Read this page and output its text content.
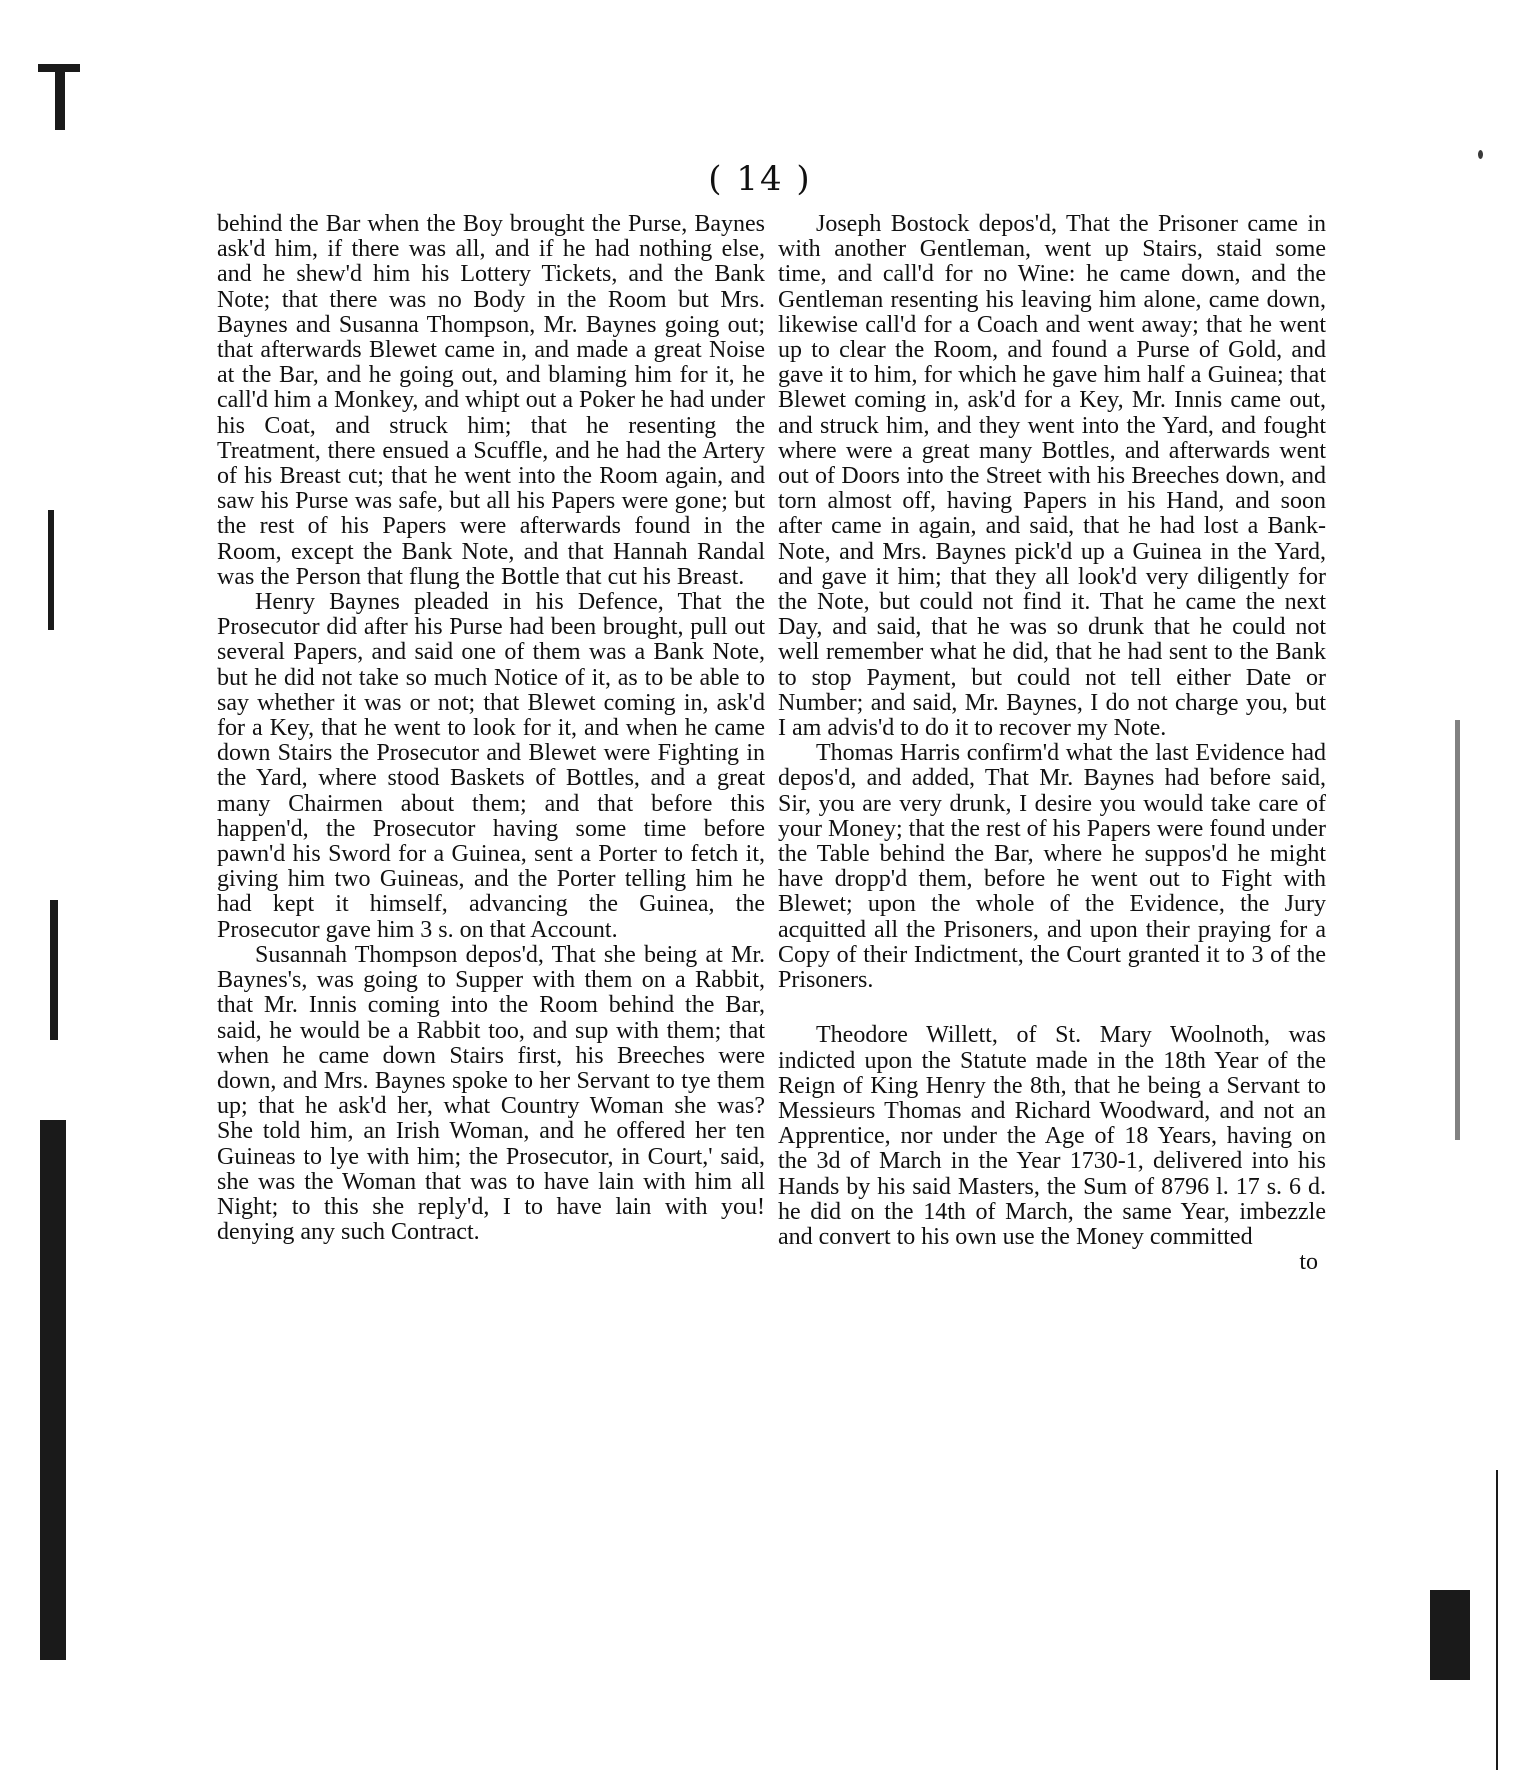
( 14 )

behind the Bar when the Boy brought the Purse, Baynes ask'd him, if there was all, and if he had nothing else, and he shew'd him his Lottery Tickets, and the Bank Note; that there was no Body in the Room but Mrs. Baynes and Susanna Thompson, Mr. Baynes going out; that afterwards Blewet came in, and made a great Noise at the Bar, and he going out, and blaming him for it, he call'd him a Monkey, and whipt out a Poker he had under his Coat, and struck him; that he resenting the Treatment, there ensued a Scuffle, and he had the Artery of his Breast cut; that he went into the Room again, and saw his Purse was safe, but all his Papers were gone; but the rest of his Papers were afterwards found in the Room, except the Bank Note, and that Hannah Randal was the Person that flung the Bottle that cut his Breast.

Henry Baynes pleaded in his Defence, That the Prosecutor did after his Purse had been brought, pull out several Papers, and said one of them was a Bank Note, but he did not take so much Notice of it, as to be able to say whether it was or not; that Blewet coming in, ask'd for a Key, that he went to look for it, and when he came down Stairs the Prosecutor and Blewet were Fighting in the Yard, where stood Baskets of Bottles, and a great many Chairmen about them; and that before this happen'd, the Prosecutor having some time before pawn'd his Sword for a Guinea, sent a Porter to fetch it, giving him two Guineas, and the Porter telling him he had kept it himself, advancing the Guinea, the Prosecutor gave him 3 s. on that Account.

Susannah Thompson depos'd, That she being at Mr. Baynes's, was going to Supper with them on a Rabbit, that Mr. Innis coming into the Room behind the Bar, said, he would be a Rabbit too, and sup with them; that when he came down Stairs first, his Breeches were down, and Mrs. Baynes spoke to her Servant to tye them up; that he ask'd her, what Country Woman she was? She told him, an Irish Woman, and he offered her ten Guineas to lye with him; the Prosecutor, in Court,' said, she was the Woman that was to have lain with him all Night; to this she reply'd, I to have lain with you! denying any such Contract.

Joseph Bostock depos'd, That the Prisoner came in with another Gentleman, went up Stairs, staid some time, and call'd for no Wine: he came down, and the Gentleman resenting his leaving him alone, came down, likewise call'd for a Coach and went away; that he went up to clear the Room, and found a Purse of Gold, and gave it to him, for which he gave him half a Guinea; that Blewet coming in, ask'd for a Key, Mr. Innis came out, and struck him, and they went into the Yard, and fought where were a great many Bottles, and afterwards went out of Doors into the Street with his Breeches down, and torn almost off, having Papers in his Hand, and soon after came in again, and said, that he had lost a Bank-Note, and Mrs. Baynes pick'd up a Guinea in the Yard, and gave it him; that they all look'd very diligently for the Note, but could not find it. That he came the next Day, and said, that he was so drunk that he could not well remember what he did, that he had sent to the Bank to stop Payment, but could not tell either Date or Number; and said, Mr. Baynes, I do not charge you, but I am advis'd to do it to recover my Note.

Thomas Harris confirm'd what the last Evidence had depos'd, and added, That Mr. Baynes had before said, Sir, you are very drunk, I desire you would take care of your Money; that the rest of his Papers were found under the Table behind the Bar, where he suppos'd he might have dropp'd them, before he went out to Fight with Blewet; upon the whole of the Evidence, the Jury acquitted all the Prisoners, and upon their praying for a Copy of their Indictment, the Court granted it to 3 of the Prisoners.

Theodore Willett, of St. Mary Woolnoth, was indicted upon the Statute made in the 18th Year of the Reign of King Henry the 8th, that he being a Servant to Messieurs Thomas and Richard Woodward, and not an Apprentice, nor under the Age of 18 Years, having on the 3d of March in the Year 1730-1, delivered into his Hands by his said Masters, the Sum of 8796 l. 17 s. 6 d. he did on the 14th of March, the same Year, imbezzle and convert to his own use the Money committed

to
